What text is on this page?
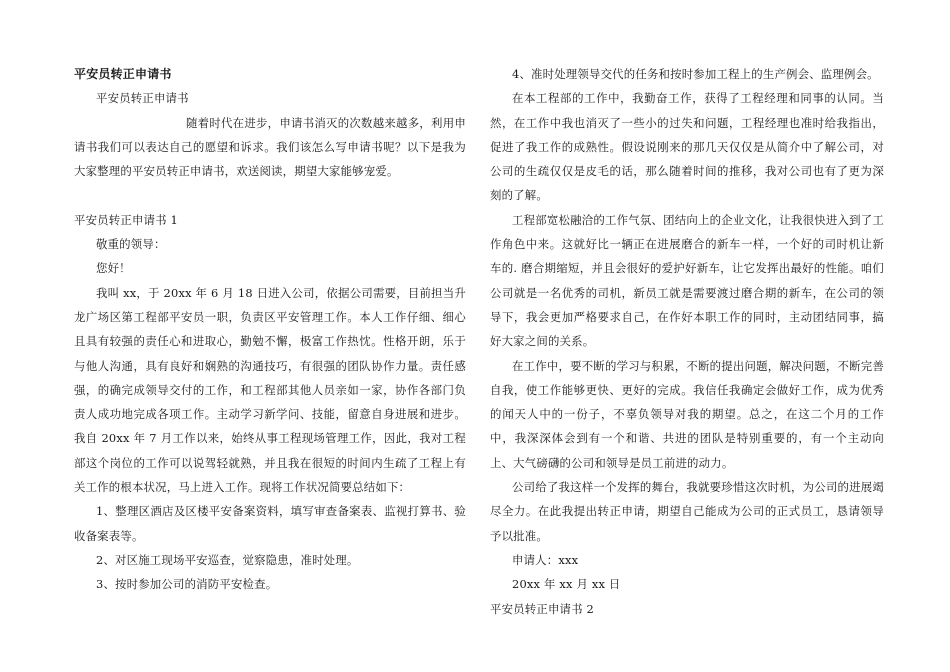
平安员转正申请书

平安员转正申请书

随着时代在进步，申请书消灭的次数越来越多，利用申请书我们可以表达自己的愿望和诉求。我们该怎么写申请书呢？以下是我为大家整理的平安员转正申请书，欢送阅读，期望大家能够宠爱。

平安员转正申请书 1

敬重的领导：

您好！

我叫 xx，于 20xx 年 6 月 18 日进入公司，依据公司需要，目前担当升龙广场区第工程部平安员一职，负责区平安管理工作。本人工作仔细、细心且具有较强的责任心和进取心，勤勉不懈，极富工作热忱。性格开朗，乐于与他人沟通，具有良好和娴熟的沟通技巧，有很强的团队协作力量。责任感强，的确完成领导交付的工作，和工程部其他人员亲如一家，协作各部门负责人成功地完成各项工作。主动学习新学问、技能，留意自身进展和进步。我自 20xx 年 7 月工作以来，始终从事工程现场管理工作，因此，我对工程部这个岗位的工作可以说驾轻就熟，并且我在很短的时间内生疏了工程上有关工作的根本状况，马上进入工作。现将工作状况简要总结如下：

1、整理区酒店及区楼平安备案资料，填写审查备案表、监视打算书、验收备案表等。

2、对区施工现场平安巡查，觉察隐患，准时处理。

3、按时参加公司的消防平安检查。

4、准时处理领导交代的任务和按时参加工程上的生产例会、监理例会。

在本工程部的工作中，我勤奋工作，获得了工程经理和同事的认同。当然，在工作中我也消灭了一些小的过失和问题，工程经理也准时给我指出，促进了我工作的成熟性。假设说刚来的那几天仅仅是从简介中了解公司，对公司的生疏仅仅是皮毛的话，那么随着时间的推移，我对公司也有了更为深刻的了解。

工程部宽松融洽的工作气氛、团结向上的企业文化，让我很快进入到了工作角色中来。这就好比一辆正在进展磨合的新车一样，一个好的司时机让新车的. 磨合期缩短，并且会很好的爱护好新车，让它发挥出最好的性能。咱们公司就是一名优秀的司机，新员工就是需要渡过磨合期的新车，在公司的领导下，我会更加严格要求自己，在作好本职工作的同时，主动团结同事，搞好大家之间的关系。

在工作中，要不断的学习与积累，不断的提出问题，解决问题，不断完善自我，使工作能够更快、更好的完成。我信任我确定会做好工作，成为优秀的闻天人中的一份子，不辜负领导对我的期望。总之，在这二个月的工作中，我深深体会到有一个和谐、共进的团队是特别重要的，有一个主动向上、大气磅礴的公司和领导是员工前进的动力。

公司给了我这样一个发挥的舞台，我就要珍惜这次时机，为公司的进展竭尽全力。在此我提出转正申请，期望自己能成为公司的正式员工，恳请领导予以批准。

申请人：xxx

20xx 年 xx 月 xx 日

平安员转正申请书 2
